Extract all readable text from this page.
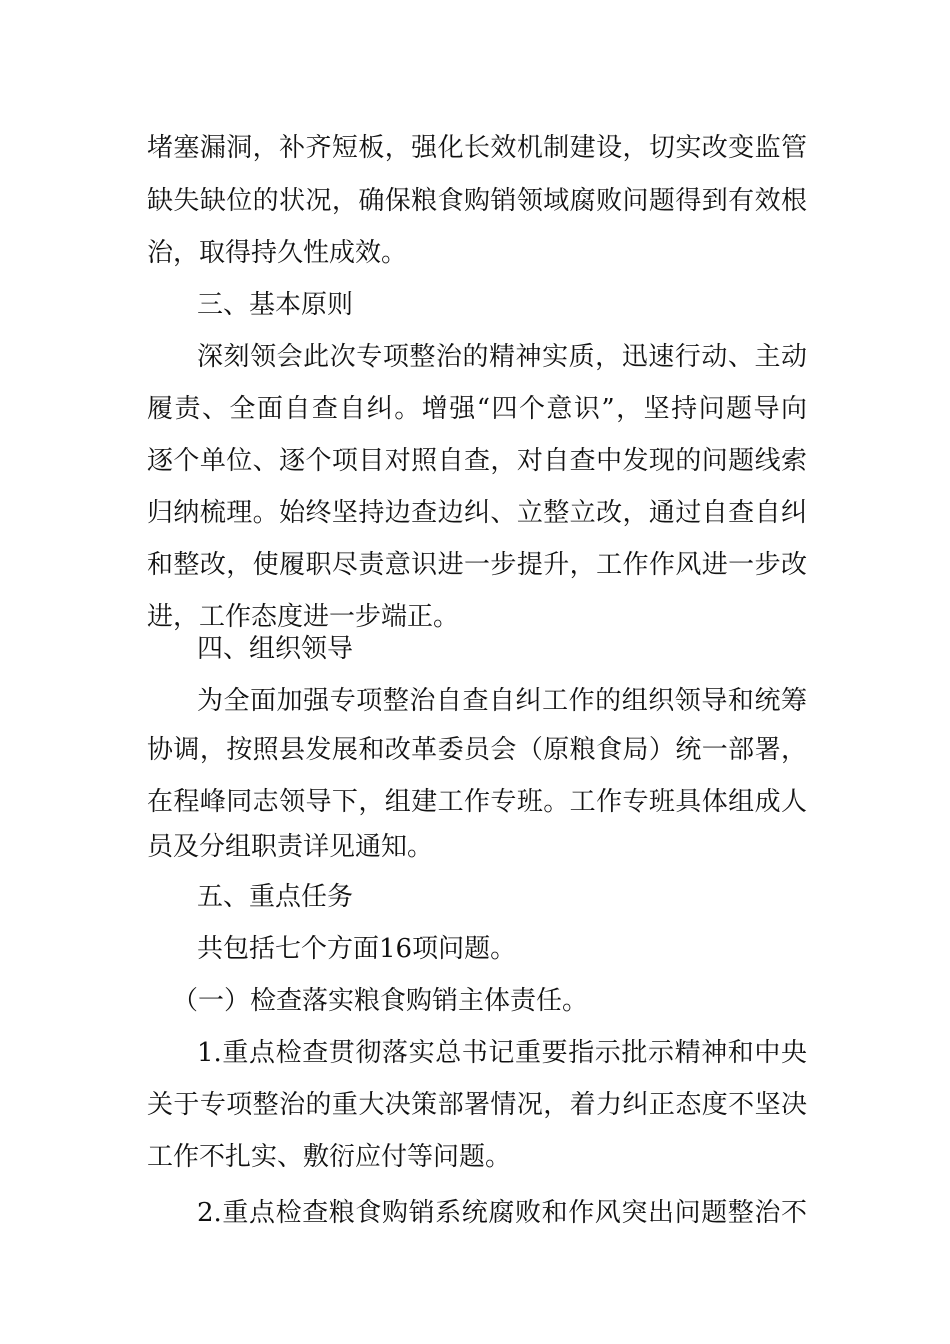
堵塞漏洞，补齐短板，强化长效机制建设，切实改变监管
缺失缺位的状况，确保粮食购销领域腐败问题得到有效根
治，取得持久性成效。
三、基本原则
深刻领会此次专项整治的精神实质，迅速行动、主动
履责、全面自查自纠。增强“四个意识”，坚持问题导向
逐个单位、逐个项目对照自查，对自查中发现的问题线索
归纳梳理。始终坚持边查边纠、立整立改，通过自查自纠
和整改，使履职尽责意识进一步提升，工作作风进一步改
进，工作态度进一步端正。
四、组织领导
为全面加强专项整治自查自纠工作的组织领导和统筹
协调，按照县发展和改革委员会（原粮食局）统一部署，
在程峰同志领导下，组建工作专班。工作专班具体组成人
员及分组职责详见通知。
五、重点任务
共包括七个方面16项问题。
（一）检查落实粮食购销主体责任。
1.重点检查贯彻落实总书记重要指示批示精神和中央
关于专项整治的重大决策部署情况，着力纠正态度不坚决
工作不扎实、敷衍应付等问题。
2.重点检查粮食购销系统腐败和作风突出问题整治不
